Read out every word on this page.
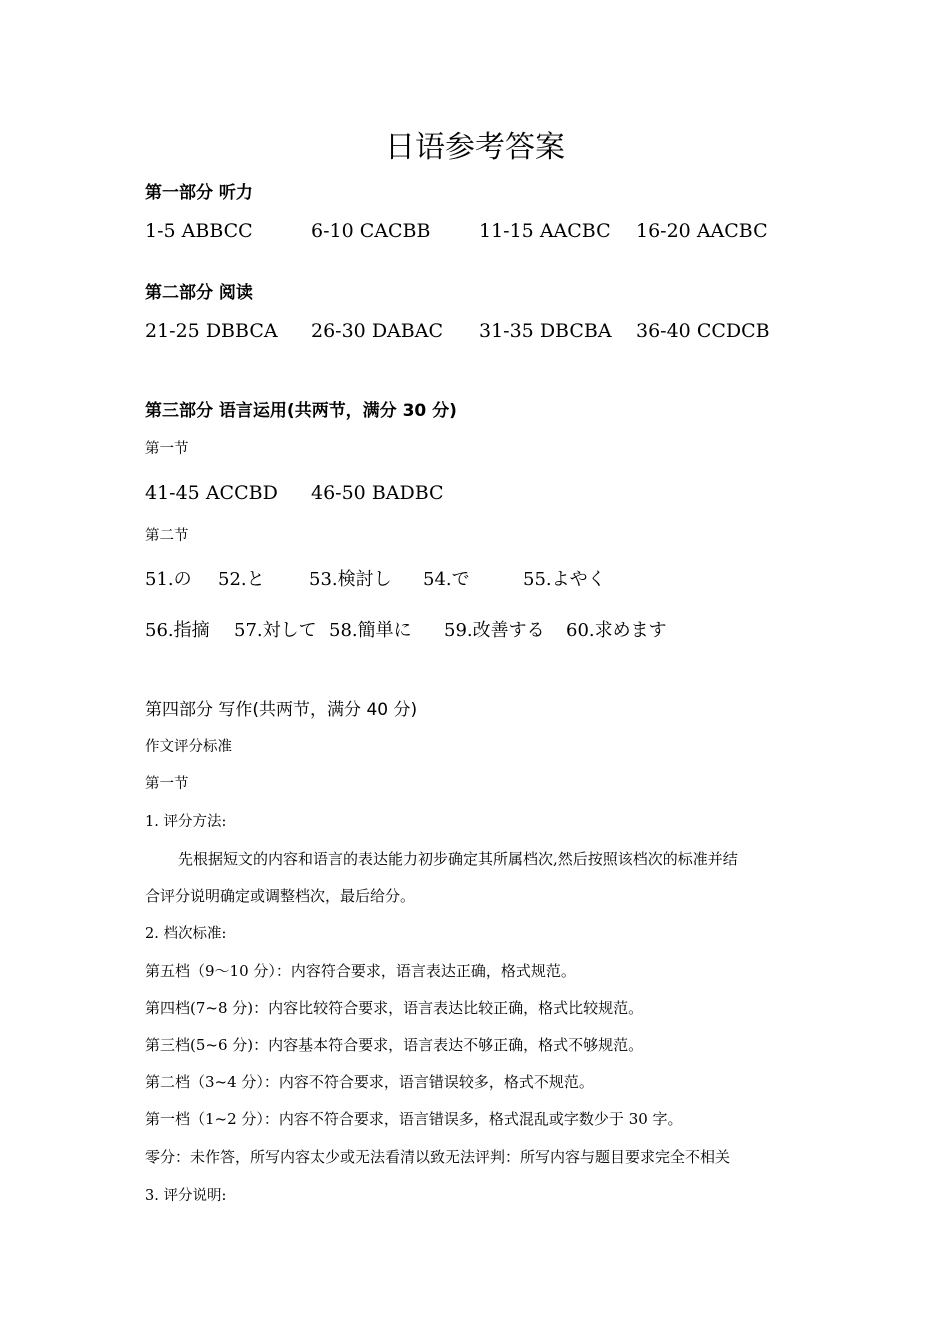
日语参考答案
第一部分 听力
1-5 ABBCC	6-10 CACBB	11-15 AACBC 16-20 AACBC
第二部分 阅读
21-25 DBBCA 26-30 DABAC 31-35 DBCBA 36-40 CCDCB
第三部分 语言运用(共两节，满分 30 分)
第一节
41-45 ACCBD 46-50 BADBC
第二节
51.の 52.と 53.検討し 54.で	55.よやく
56.指摘 57.対して 58.簡単に 59.改善する 60.求めます
第四部分 写作(共两节，满分 40 分)
作文评分标准
第一节
1. 评分方法:
先根据短文的内容和语言的表达能力初步确定其所属档次,然后按照该档次的标准并结
合评分说明确定或调整档次，最后给分。
2. 档次标准:
第五档（9～10 分）：内容符合要求，语言表达正确，格式规范。
第四档(7~8 分)：内容比较符合要求，语言表达比较正确，格式比较规范。
第三档(5~6 分)：内容基本符合要求，语言表达不够正确，格式不够规范。
第二档（3~4 分）：内容不符合要求，语言错误较多，格式不规范。
第一档（1~2 分）：内容不符合要求，语言错误多，格式混乱或字数少于 30 字。
零分：未作答，所写内容太少或无法看清以致无法评判：所写内容与题目要求完全不相关
3. 评分说明:
